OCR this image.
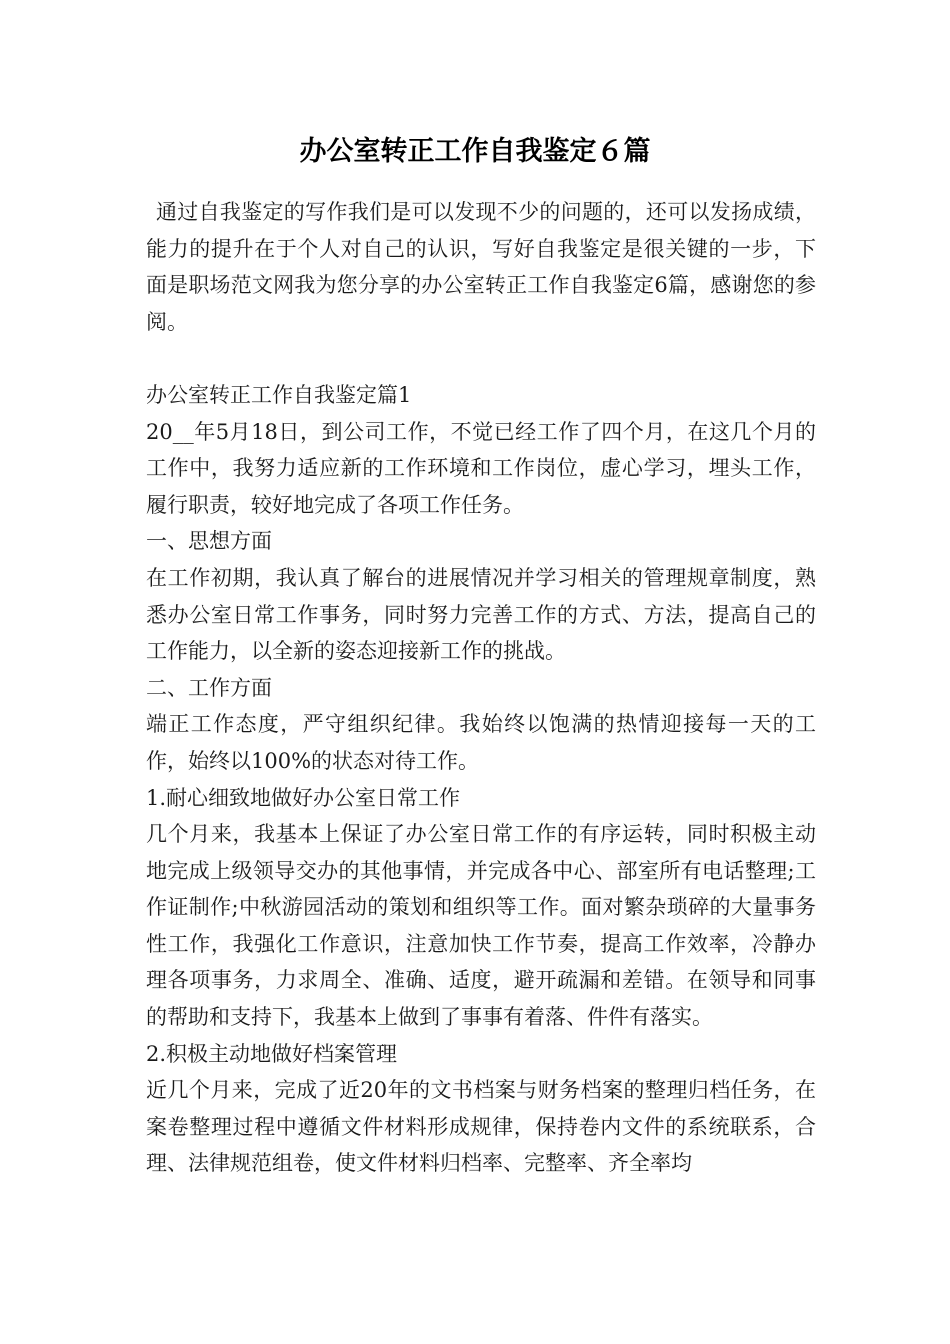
办公室转正工作自我鉴定６篇

通过自我鉴定的写作我们是可以发现不少的问题的，还可以发扬成绩，能力的提升在于个人对自己的认识，写好自我鉴定是很关键的一步，下面是职场范文网我为您分享的办公室转正工作自我鉴定6篇，感谢您的参阅。

办公室转正工作自我鉴定篇1

20__年5月18日，到公司工作，不觉已经工作了四个月，在这几个月的工作中，我努力适应新的工作环境和工作岗位，虚心学习，埋头工作，履行职责，较好地完成了各项工作任务。

一、思想方面

在工作初期，我认真了解台的进展情况并学习相关的管理规章制度，熟悉办公室日常工作事务，同时努力完善工作的方式、方法，提高自己的工作能力，以全新的姿态迎接新工作的挑战。

二、工作方面

端正工作态度，严守组织纪律。我始终以饱满的热情迎接每一天的工作，始终以100%的状态对待工作。

1.耐心细致地做好办公室日常工作

几个月来，我基本上保证了办公室日常工作的有序运转，同时积极主动地完成上级领导交办的其他事情，并完成各中心、部室所有电话整理;工作证制作;中秋游园活动的策划和组织等工作。面对繁杂琐碎的大量事务性工作，我强化工作意识，注意加快工作节奏，提高工作效率，冷静办理各项事务，力求周全、准确、适度，避开疏漏和差错。在领导和同事的帮助和支持下，我基本上做到了事事有着落、件件有落实。

2.积极主动地做好档案管理

近几个月来，完成了近20年的文书档案与财务档案的整理归档任务，在案卷整理过程中遵循文件材料形成规律，保持卷内文件的系统联系，合理、法律规范组卷，使文件材料归档率、完整率、齐全率均
